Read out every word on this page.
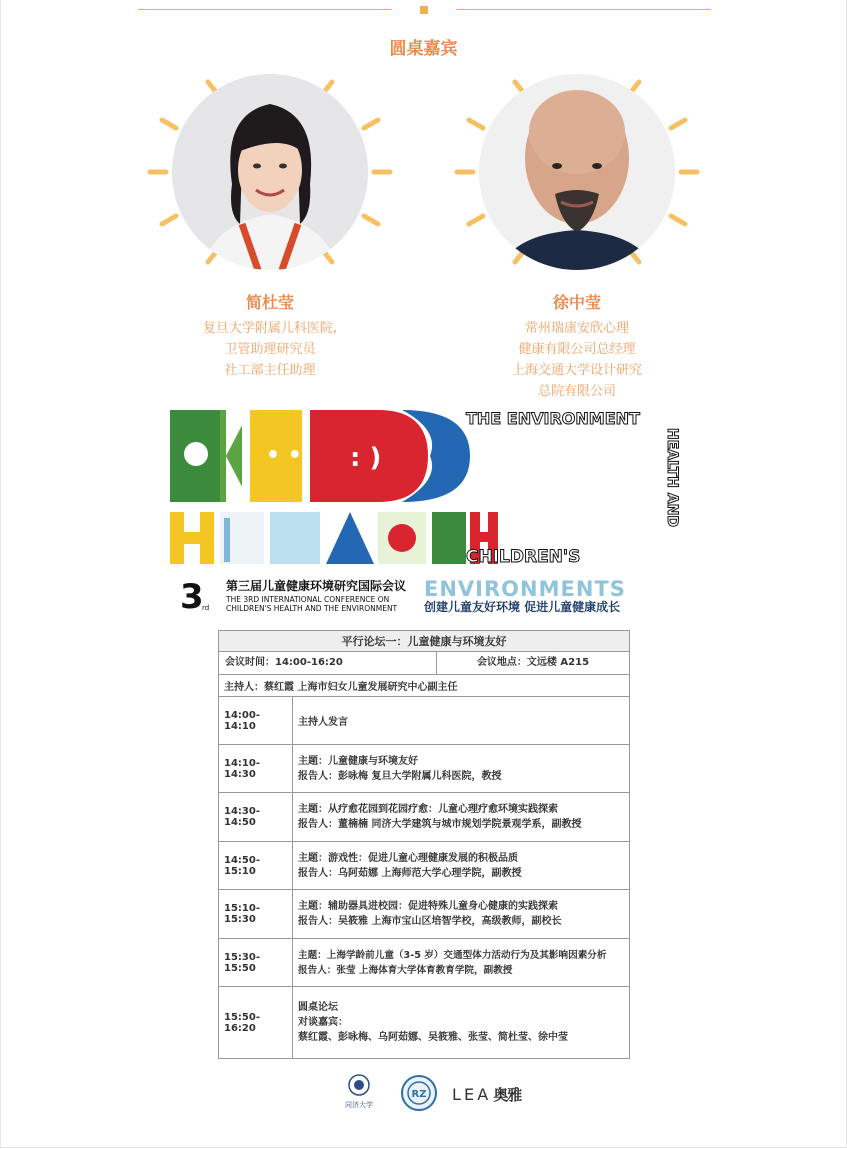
圆桌嘉宾
简杜莹
复旦大学附属儿科医院,
卫管助理研究员
社工部主任助理
徐中莹
常州瑞康安欣心理
健康有限公司总经理
上海交通大学设计研究
总院有限公司
: )
• •
K
THE ENVIRONMENT
HEALTH AND
H
CHILDREN'S
3
rd
第三届儿童健康环境研究国际会议
THE 3RD INTERNATIONAL CONFERENCE ON
CHILDREN'S HEALTH AND THE ENVIRONMENT
ENVIRONMENTS
创建儿童友好环境 促进儿童健康成长
平行论坛一：儿童健康与环境友好	

会议时间：14:00-16:20 会议地点：文远楼 A215	

主持人：蔡红霞 上海市妇女儿童发展研究中心副主任	
14:00-14:10	主持人发言

14:10-14:30	主题：儿童健康与环境友好
报告人：彭咏梅 复旦大学附属儿科医院，教授

14:30-14:50	主题：从疗愈花园到花园疗愈：儿童心理疗愈环境实践探索
报告人：董楠楠 同济大学建筑与城市规划学院景观学系，副教授

14:50-15:10	主题：游戏性：促进儿童心理健康发展的积极品质
报告人：乌阿茹娜 上海师范大学心理学院，副教授

15:10-15:30	主题：辅助器具进校园：促进特殊儿童身心健康的实践探索
报告人：吴筱雅 上海市宝山区培智学校，高级教师，副校长

15:30-15:50	主题：上海学龄前儿童（3-5 岁）交通型体力活动行为及其影响因素分析
报告人：张莹 上海体育大学体育教育学院，副教授

15:50-16:20	圆桌论坛
对谈嘉宾：
蔡红霞、彭咏梅、乌阿茹娜、吴筱雅、张莹、简杜莹、徐中莹
同济大学
RZ L E A 奥雅
